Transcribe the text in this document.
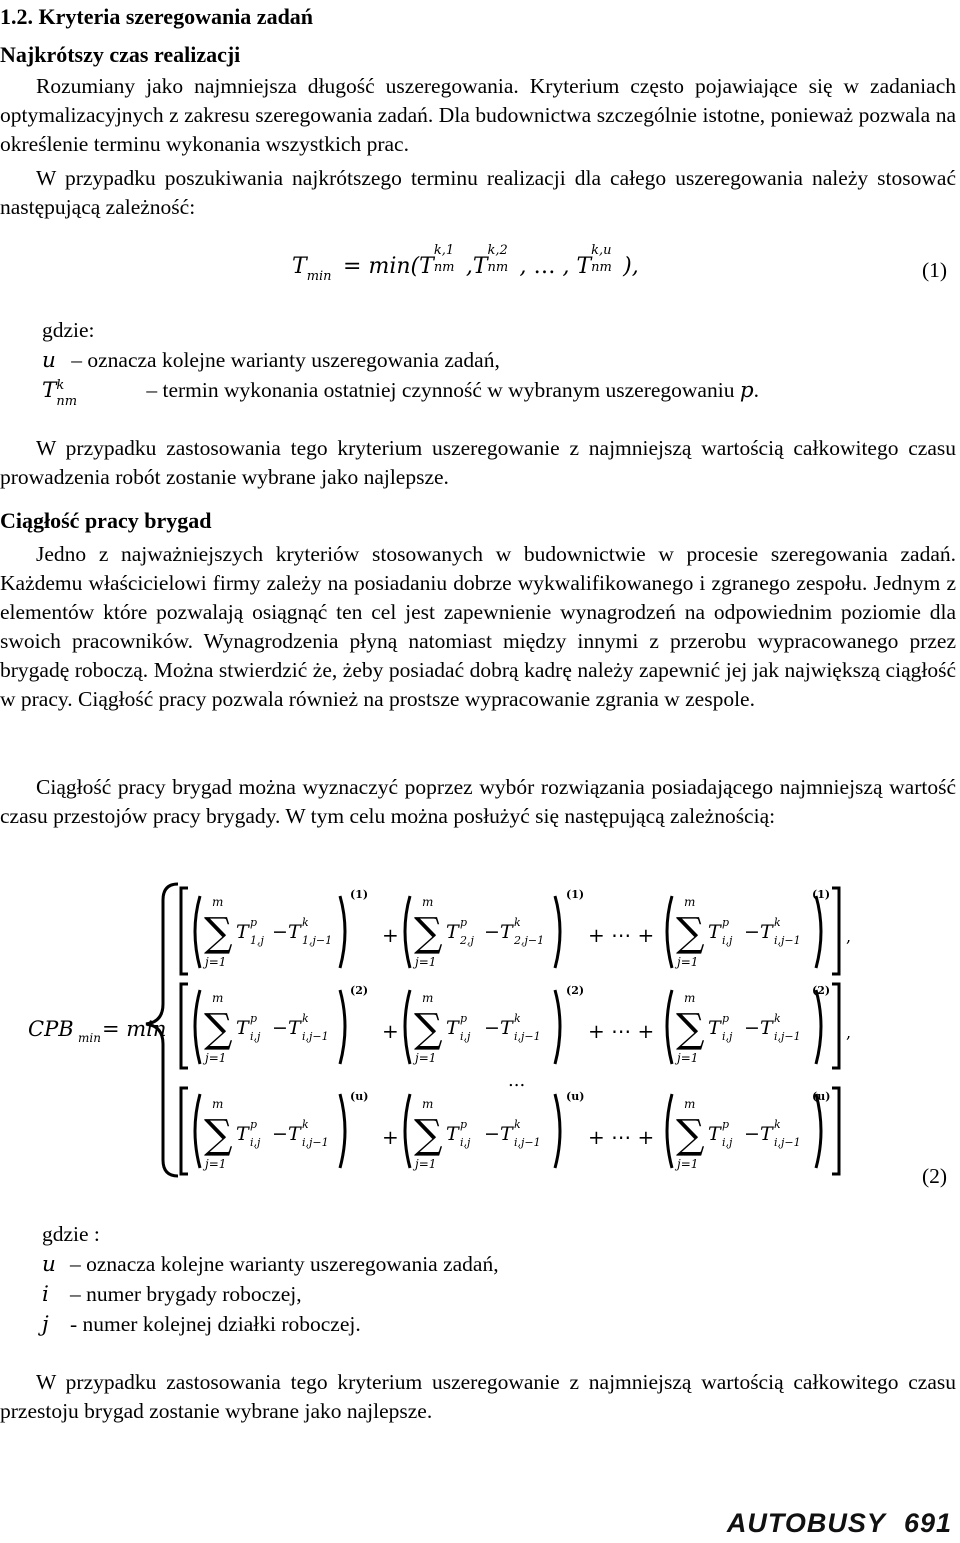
1.2. Kryteria szeregowania zadań
Najkrótszy czas realizacji
Rozumiany jako najmniejsza długość uszeregowania. Kryterium często pojawiające się w zadaniach optymalizacyjnych z zakresu szeregowania zadań. Dla budownictwa szczególnie istotne, ponieważ pozwala na określenie terminu wykonania wszystkich prac.
W przypadku poszukiwania najkrótszego terminu realizacji dla całego uszeregowania należy stosować następującą zależność:
$T_{min} = \min(T$
k,1
nm ,T
k,2
nm , … , T
k,u
nm ),	(1)
gdzie:
u – oznacza kolejne warianty uszeregowania zadań,
T k
nm	– termin wykonania ostatniej czynność w wybranym uszeregowaniu p.
W przypadku zastosowania tego kryterium uszeregowanie z najmniejszą wartością całkowitego czasu prowadzenia robót zostanie wybrane jako najlepsze.
Ciągłość pracy brygad
Jedno z najważniejszych kryteriów stosowanych w budownictwie w procesie szeregowania zadań. Każdemu właścicielowi firmy zależy na posiadaniu dobrze wykwalifikowanego i zgranego zespołu. Jednym z elementów które pozwalają osiągnąć ten cel jest zapewnienie wynagrodzeń na odpowiednim poziomie dla swoich pracowników. Wynagrodzenia płyną natomiast między innymi z przerobu wypracowanego przez brygadę roboczą. Można stwierdzić że, żeby posiadać dobrą kadrę należy zapewnić jej jak największą ciągłość w pracy. Ciągłość pracy pozwala również na prostsze wypracowanie zgrania w zespole.
Ciągłość pracy brygad można wyznaczyć poprzez wybór rozwiązania posiadającego najmniejszą wartość czasu przestojów pracy brygady. W tym celu można posłużyć się następującą zależnością:
CPB min = min
m
∑
j=1
T p
1,j − T k
1,j−1
(1)
+
m
∑
j=1
T p
2,j − T k
2,j−1
(1)
+ ⋯ +
m
∑
j=1
T p
i,j − T k
i,j−1
(1)
,
m
∑
j=1
T p
i,j − T k
i,j−1
(2)
+
m
∑
j=1
T p
i,j − T k
i,j−1
(2)
+ ⋯ +
m
∑
j=1
T p
i,j − T k
i,j−1
(2)
,
...
m
∑
j=1
T p
i,j − T k
i,j−1
(u)
+
m
∑
j=1
T p
i,j − T k
i,j−1
(u)
+ ⋯ +
m
∑
j=1
T p
i,j − T k
i,j−1
(u)
(2)
gdzie :
u – oznacza kolejne warianty uszeregowania zadań,
i – numer brygady roboczej,
j - numer kolejnej działki roboczej.
W przypadku zastosowania tego kryterium uszeregowanie z najmniejszą wartością całkowitego czasu przestoju brygad zostanie wybrane jako najlepsze.
AUTOBUSY 691
